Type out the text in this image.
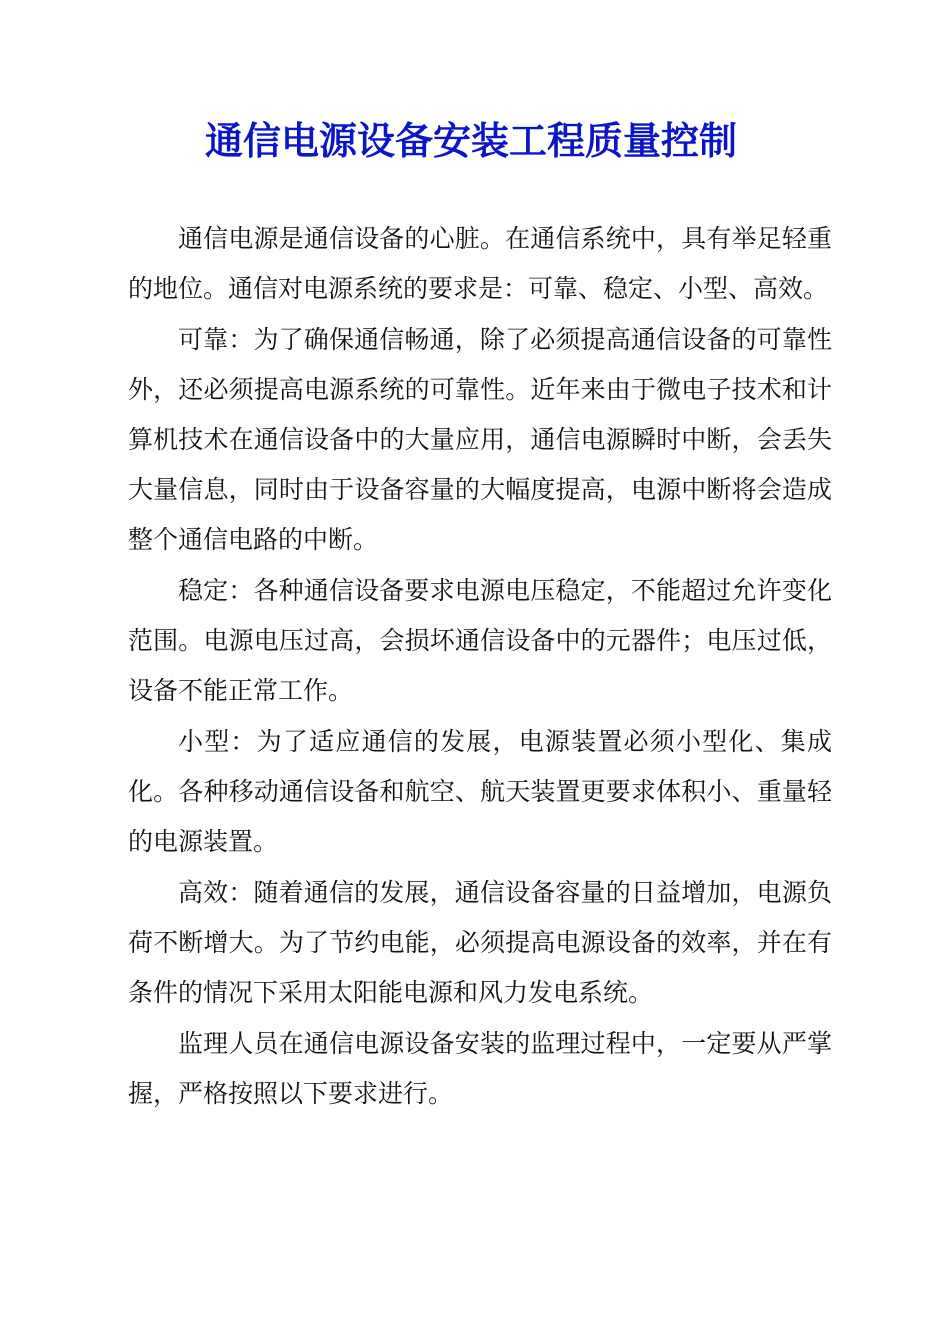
通信电源设备安装工程质量控制

通信电源是通信设备的心脏。在通信系统中，具有举足轻重的地位。通信对电源系统的要求是：可靠、稳定、小型、高效。

可靠：为了确保通信畅通，除了必须提高通信设备的可靠性外，还必须提高电源系统的可靠性。近年来由于微电子技术和计算机技术在通信设备中的大量应用，通信电源瞬时中断，会丢失大量信息，同时由于设备容量的大幅度提高，电源中断将会造成整个通信电路的中断。

稳定：各种通信设备要求电源电压稳定，不能超过允许变化范围。电源电压过高，会损坏通信设备中的元器件；电压过低，设备不能正常工作。

小型：为了适应通信的发展，电源装置必须小型化、集成化。各种移动通信设备和航空、航天装置更要求体积小、重量轻的电源装置。

高效：随着通信的发展，通信设备容量的日益增加，电源负荷不断增大。为了节约电能，必须提高电源设备的效率，并在有条件的情况下采用太阳能电源和风力发电系统。

监理人员在通信电源设备安装的监理过程中，一定要从严掌握，严格按照以下要求进行。
